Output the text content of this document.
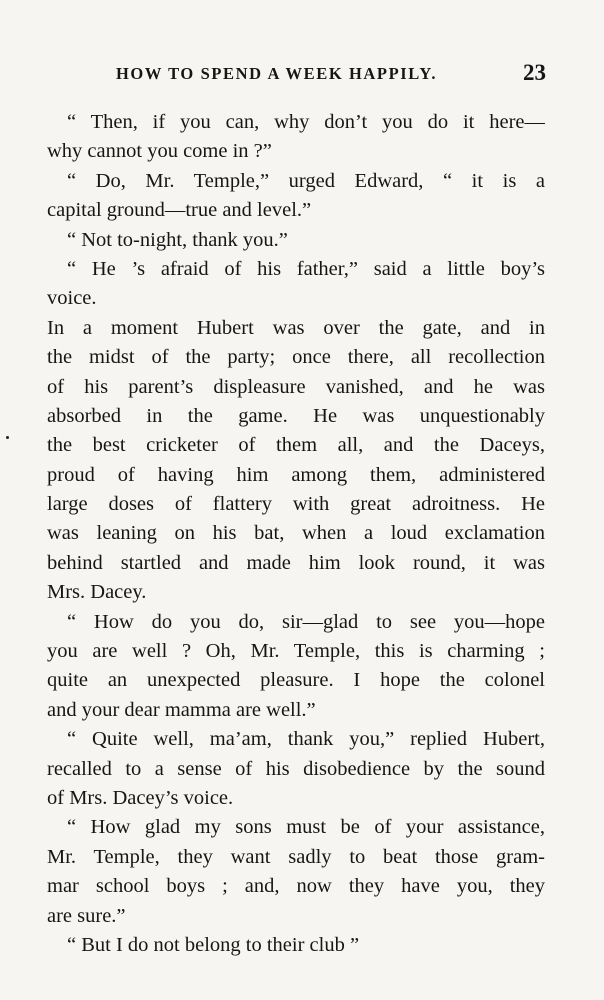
HOW TO SPEND A WEEK HAPPILY.	23
“ Then, if you can, why don’t you do it here—
why cannot you come in ?”
“ Do, Mr. Temple,” urged Edward, “ it is a
capital ground—true and level.”
“ Not to-night, thank you.”
“ He ’s afraid of his father,” said a little boy’s
voice.
In a moment Hubert was over the gate, and in
the midst of the party; once there, all recollection
of his parent’s displeasure vanished, and he was
absorbed in the game. He was unquestionably
the best cricketer of them all, and the Daceys,
proud of having him among them, administered
large doses of flattery with great adroitness. He
was leaning on his bat, when a loud exclamation
behind startled and made him look round, it was
Mrs. Dacey.
“ How do you do, sir—glad to see you—hope
you are well ? Oh, Mr. Temple, this is charming ;
quite an unexpected pleasure. I hope the colonel
and your dear mamma are well.”
“ Quite well, ma’am, thank you,” replied Hubert,
recalled to a sense of his disobedience by the sound
of Mrs. Dacey’s voice.
“ How glad my sons must be of your assistance,
Mr. Temple, they want sadly to beat those gram-
mar school boys ; and, now they have you, they
are sure.”
“ But I do not belong to their club ”
